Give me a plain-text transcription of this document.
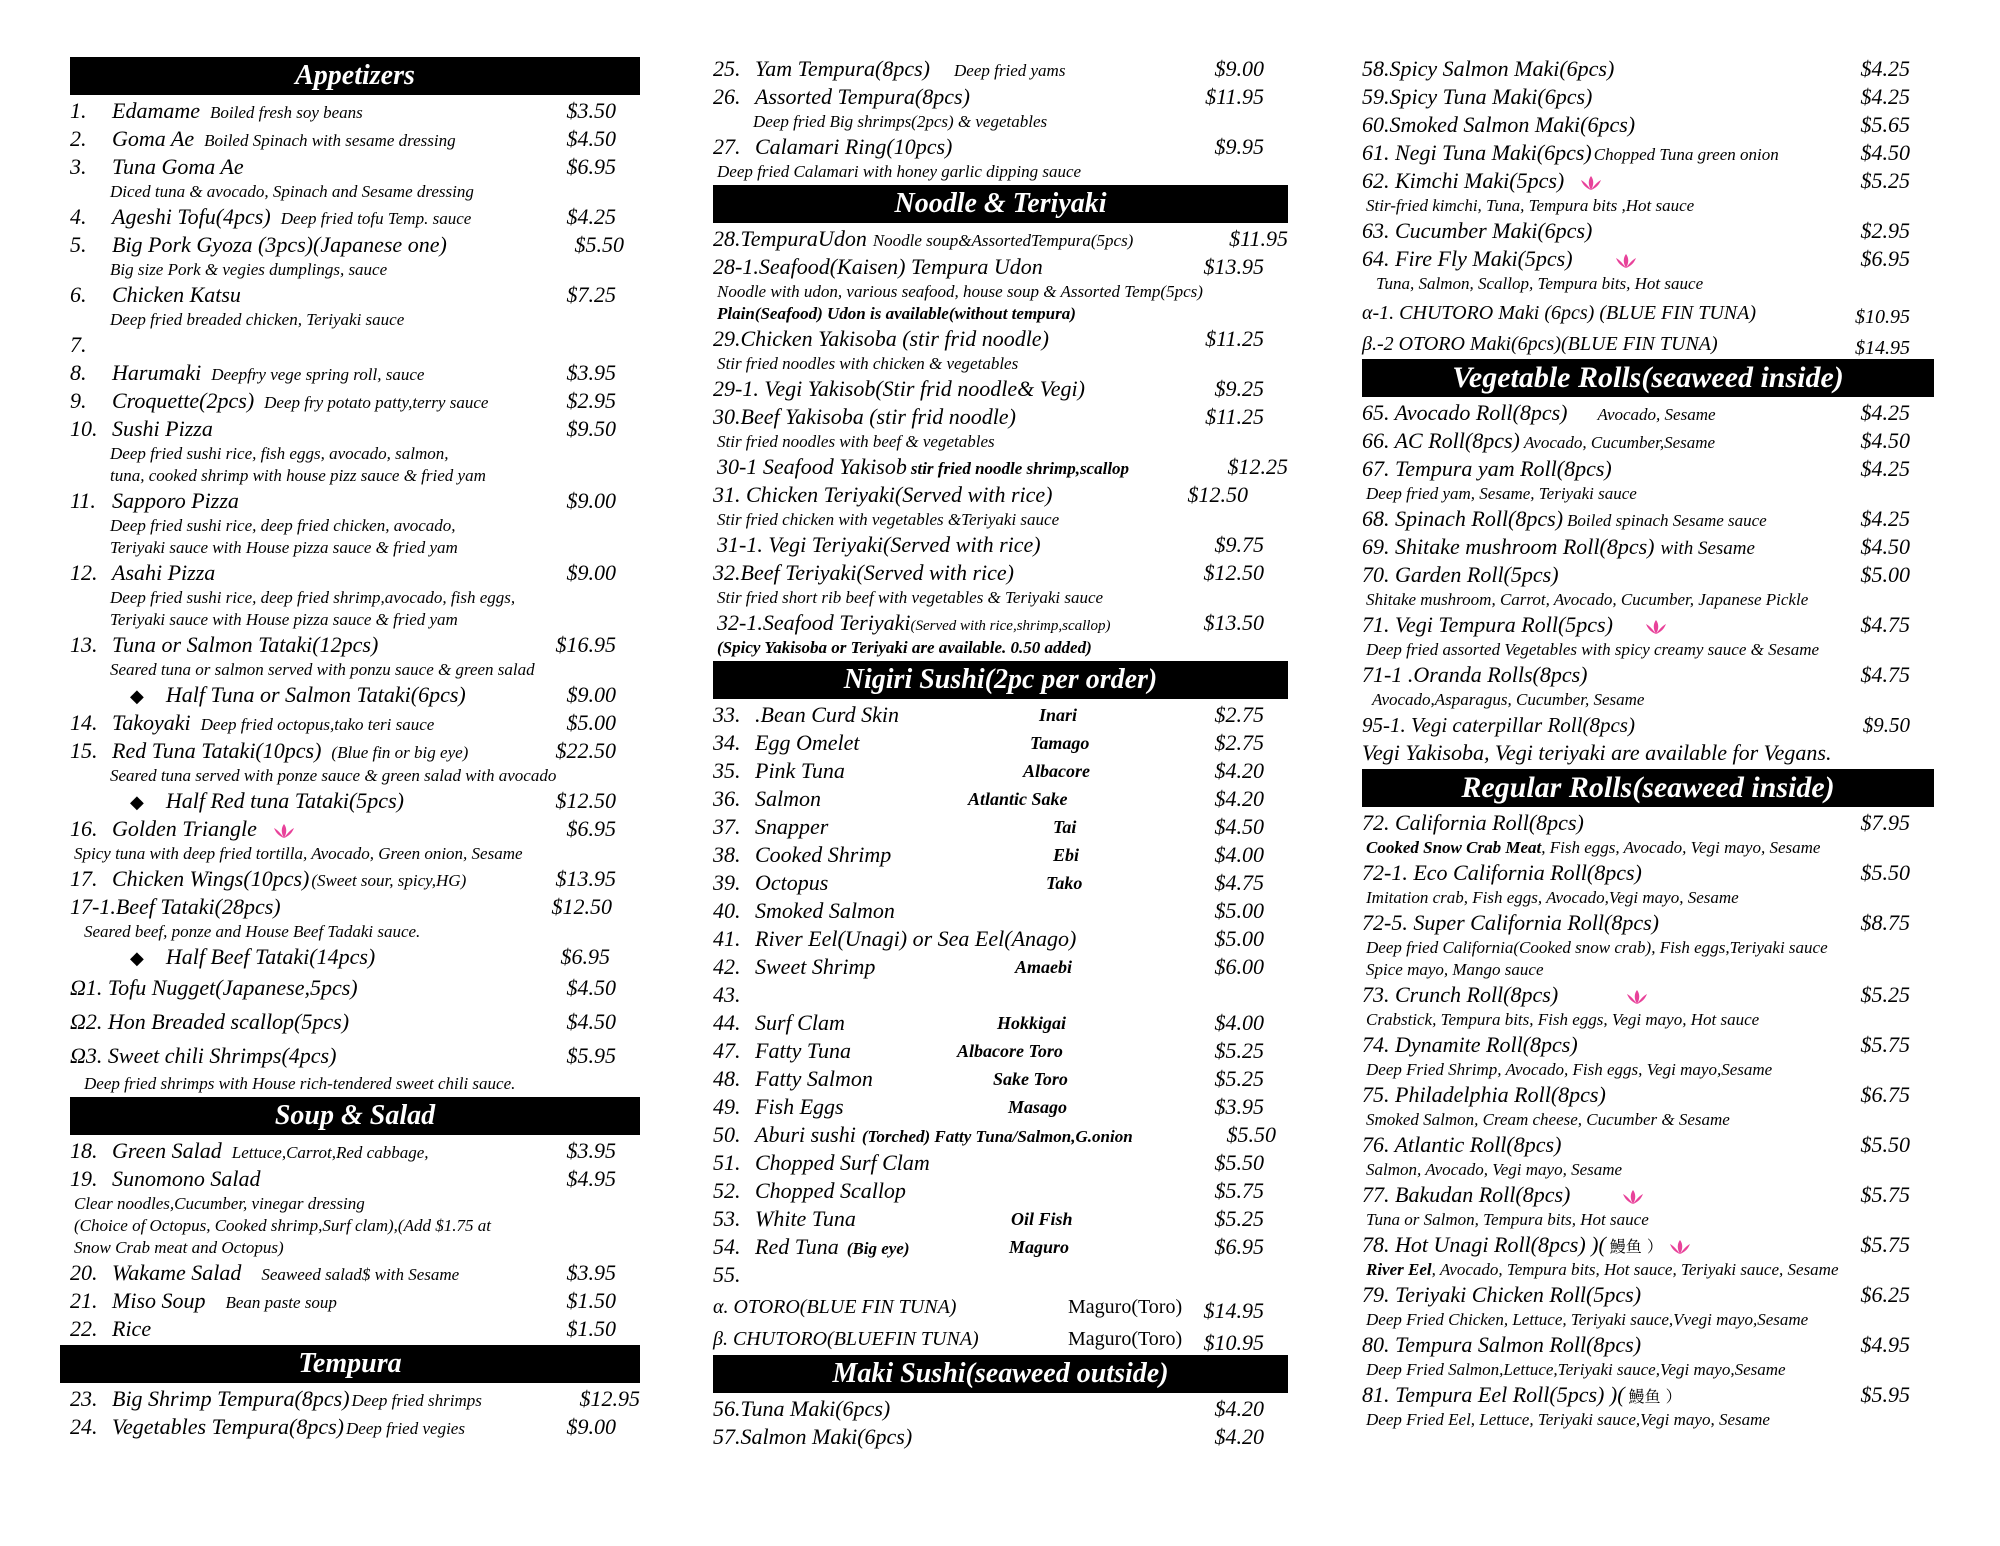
Appetizers
1. Edamame Boiled fresh soy beans	$3.50
2. Goma Ae Boiled Spinach with sesame dressing	$4.50
3. Tuna Goma Ae	$6.95
Diced tuna & avocado, Spinach and Sesame dressing
4. Ageshi Tofu(4pcs) Deep fried tofu Temp. sauce	$4.25
5. Big Pork Gyoza (3pcs)(Japanese one)	$5.50
Big size Pork & vegies dumplings, sauce
6. Chicken Katsu	$7.25
Deep fried breaded chicken, Teriyaki sauce
7.
8. Harumaki Deepfry vege spring roll, sauce	$3.95
9. Croquette(2pcs) Deep fry potato patty,terry sauce	$2.95
10. Sushi Pizza	$9.50
Deep fried sushi rice, fish eggs, avocado, salmon,
tuna, cooked shrimp with house pizz sauce & fried yam
11. Sapporo Pizza	$9.00
Deep fried sushi rice, deep fried chicken, avocado,
Teriyaki sauce with House pizza sauce & fried yam
12. Asahi Pizza	$9.00
Deep fried sushi rice, deep fried shrimp,avocado, fish eggs,
Teriyaki sauce with House pizza sauce & fried yam
13. Tuna or Salmon Tataki(12pcs)	$16.95
Seared tuna or salmon served with ponzu sauce & green salad
◆ Half Tuna or Salmon Tataki(6pcs)	$9.00
14. Takoyaki Deep fried octopus,tako teri sauce	$5.00
15. Red Tuna Tataki(10pcs) (Blue fin or big eye)	$22.50
Seared tuna served with ponze sauce & green salad with avocado
◆ Half Red tuna Tataki(5pcs)	$12.50
16. Golden Triangle	$6.95
Spicy tuna with deep fried tortilla, Avocado, Green onion, Sesame
17. Chicken Wings(10pcs) (Sweet sour, spicy,HG)	$13.95
17-1.Beef Tataki(28pcs)	$12.50
Seared beef, ponze and House Beef Tadaki sauce.
◆ Half Beef Tataki(14pcs)	$6.95
Ω1. Tofu Nugget(Japanese,5pcs)	$4.50
Ω2. Hon Breaded scallop(5pcs)	$4.50
Ω3. Sweet chili Shrimps(4pcs)	$5.95
Deep fried shrimps with House rich-tendered sweet chili sauce.
Soup & Salad
18. Green Salad Lettuce,Carrot,Red cabbage,	$3.95
19. Sunomono Salad	$4.95
Clear noodles,Cucumber, vinegar dressing
(Choice of Octopus, Cooked shrimp,Surf clam),(Add $1.75 at
Snow Crab meat and Octopus)
20. Wakame Salad Seaweed salad$ with Sesame	$3.95
21. Miso Soup Bean paste soup	$1.50
22. Rice	$1.50
Tempura
23. Big Shrimp Tempura(8pcs) Deep fried shrimps	$12.95
24. Vegetables Tempura(8pcs) Deep fried vegies	$9.00
25. Yam Tempura(8pcs) Deep fried yams	$9.00
26. Assorted Tempura(8pcs)	$11.95
Deep fried Big shrimps(2pcs) & vegetables
27. Calamari Ring(10pcs)	$9.95
Deep fried Calamari with honey garlic dipping sauce
Noodle & Teriyaki
28.TempuraUdon Noodle soup&AssortedTempura(5pcs)	$11.95
28-1.Seafood(Kaisen) Tempura Udon	$13.95
Noodle with udon, various seafood, house soup & Assorted Temp(5pcs)
Plain(Seafood) Udon is available(without tempura)
29.Chicken Yakisoba (stir frid noodle)	$11.25
Stir fried noodles with chicken & vegetables
29-1. Vegi Yakisob(Stir frid noodle& Vegi)	$9.25
30.Beef Yakisoba (stir frid noodle)	$11.25
Stir fried noodles with beef & vegetables
30-1 Seafood Yakisob stir fried noodle shrimp,scallop	$12.25
31. Chicken Teriyaki(Served with rice)	$12.50
Stir fried chicken with vegetables &Teriyaki sauce
31-1. Vegi Teriyaki(Served with rice)	$9.75
32.Beef Teriyaki(Served with rice)	$12.50
Stir fried short rib beef with vegetables & Teriyaki sauce
32-1.Seafood Teriyaki(Served with rice,shrimp,scallop)	$13.50
(Spicy Yakisoba or Teriyaki are available. 0.50 added)
Nigiri Sushi(2pc per order)
33. .Bean Curd Skin	Inari	$2.75
34. Egg Omelet	Tamago	$2.75
35. Pink Tuna	Albacore	$4.20
36. Salmon	Atlantic Sake	$4.20
37. Snapper	Tai	$4.50
38. Cooked Shrimp	Ebi	$4.00
39. Octopus	Tako	$4.75
40. Smoked Salmon	$5.00
41. River Eel(Unagi) or Sea Eel(Anago)	$5.00
42. Sweet Shrimp	Amaebi	$6.00
43.
44. Surf Clam	Hokkigai	$4.00
47. Fatty Tuna	Albacore Toro	$5.25
48. Fatty Salmon	Sake Toro	$5.25
49. Fish Eggs	Masago	$3.95
50. Aburi sushi (Torched) Fatty Tuna/Salmon,G.onion	$5.50
51. Chopped Surf Clam	$5.50
52. Chopped Scallop	$5.75
53. White Tuna	Oil Fish	$5.25
54. Red Tuna (Big eye)	Maguro	$6.95
55.
α. OTORO(BLUE FIN TUNA)	Maguro(Toro) $14.95
β. CHUTORO(BLUEFIN TUNA)	Maguro(Toro) $10.95
Maki Sushi(seaweed outside)
56.Tuna Maki(6pcs)	$4.20
57.Salmon Maki(6pcs)	$4.20
58.Spicy Salmon Maki(6pcs)	$4.25
59.Spicy Tuna Maki(6pcs)	$4.25
60.Smoked Salmon Maki(6pcs)	$5.65
61. Negi Tuna Maki(6pcs) Chopped Tuna green onion	$4.50
62. Kimchi Maki(5pcs)	$5.25
Stir-fried kimchi, Tuna, Tempura bits ,Hot sauce
63. Cucumber Maki(6pcs)	$2.95
64. Fire Fly Maki(5pcs)	$6.95
Tuna, Salmon, Scallop, Tempura bits, Hot sauce
α-1. CHUTORO Maki (6pcs) (BLUE FIN TUNA)	$10.95
β.-2 OTORO Maki(6pcs)(BLUE FIN TUNA)	$14.95
Vegetable Rolls(seaweed inside)
65. Avocado Roll(8pcs) Avocado, Sesame	$4.25
66. AC Roll(8pcs) Avocado, Cucumber,Sesame	$4.50
67. Tempura yam Roll(8pcs)	$4.25
Deep fried yam, Sesame, Teriyaki sauce
68. Spinach Roll(8pcs) Boiled spinach Sesame sauce	$4.25
69. Shitake mushroom Roll(8pcs) with Sesame	$4.50
70. Garden Roll(5pcs)	$5.00
Shitake mushroom, Carrot, Avocado, Cucumber, Japanese Pickle
71. Vegi Tempura Roll(5pcs)	$4.75
Deep fried assorted Vegetables with spicy creamy sauce & Sesame
71-1 .Oranda Rolls(8pcs)	$4.75
Avocado,Asparagus, Cucumber, Sesame
95-1. Vegi caterpillar Roll(8pcs)	$9.50
Vegi Yakisoba, Vegi teriyaki are available for Vegans.
Regular Rolls(seaweed inside)
72. California Roll(8pcs)	$7.95
Cooked Snow Crab Meat, Fish eggs, Avocado, Vegi mayo, Sesame
72-1. Eco California Roll(8pcs)	$5.50
Imitation crab, Fish eggs, Avocado,Vegi mayo, Sesame
72-5. Super California Roll(8pcs)	$8.75
Deep fried California(Cooked snow crab), Fish eggs,Teriyaki sauce
Spice mayo, Mango sauce
73. Crunch Roll(8pcs)	$5.25
Crabstick, Tempura bits, Fish eggs, Vegi mayo, Hot sauce
74. Dynamite Roll(8pcs)	$5.75
Deep Fried Shrimp, Avocado, Fish eggs, Vegi mayo,Sesame
75. Philadelphia Roll(8pcs)	$6.75
Smoked Salmon, Cream cheese, Cucumber & Sesame
76. Atlantic Roll(8pcs)	$5.50
Salmon, Avocado, Vegi mayo, Sesame
77. Bakudan Roll(8pcs)	$5.75
Tuna or Salmon, Tempura bits, Hot sauce
78. Hot Unagi Roll(8pcs) )( 鰻鱼 ）	$5.75
River Eel, Avocado, Tempura bits, Hot sauce, Teriyaki sauce, Sesame
79. Teriyaki Chicken Roll(5pcs)	$6.25
Deep Fried Chicken, Lettuce, Teriyaki sauce,Vvegi mayo,Sesame
80. Tempura Salmon Roll(8pcs)	$4.95
Deep Fried Salmon,Lettuce,Teriyaki sauce,Vegi mayo,Sesame
81. Tempura Eel Roll(5pcs) )( 鰻鱼 ）	$5.95
Deep Fried Eel, Lettuce, Teriyaki sauce,Vegi mayo, Sesame
